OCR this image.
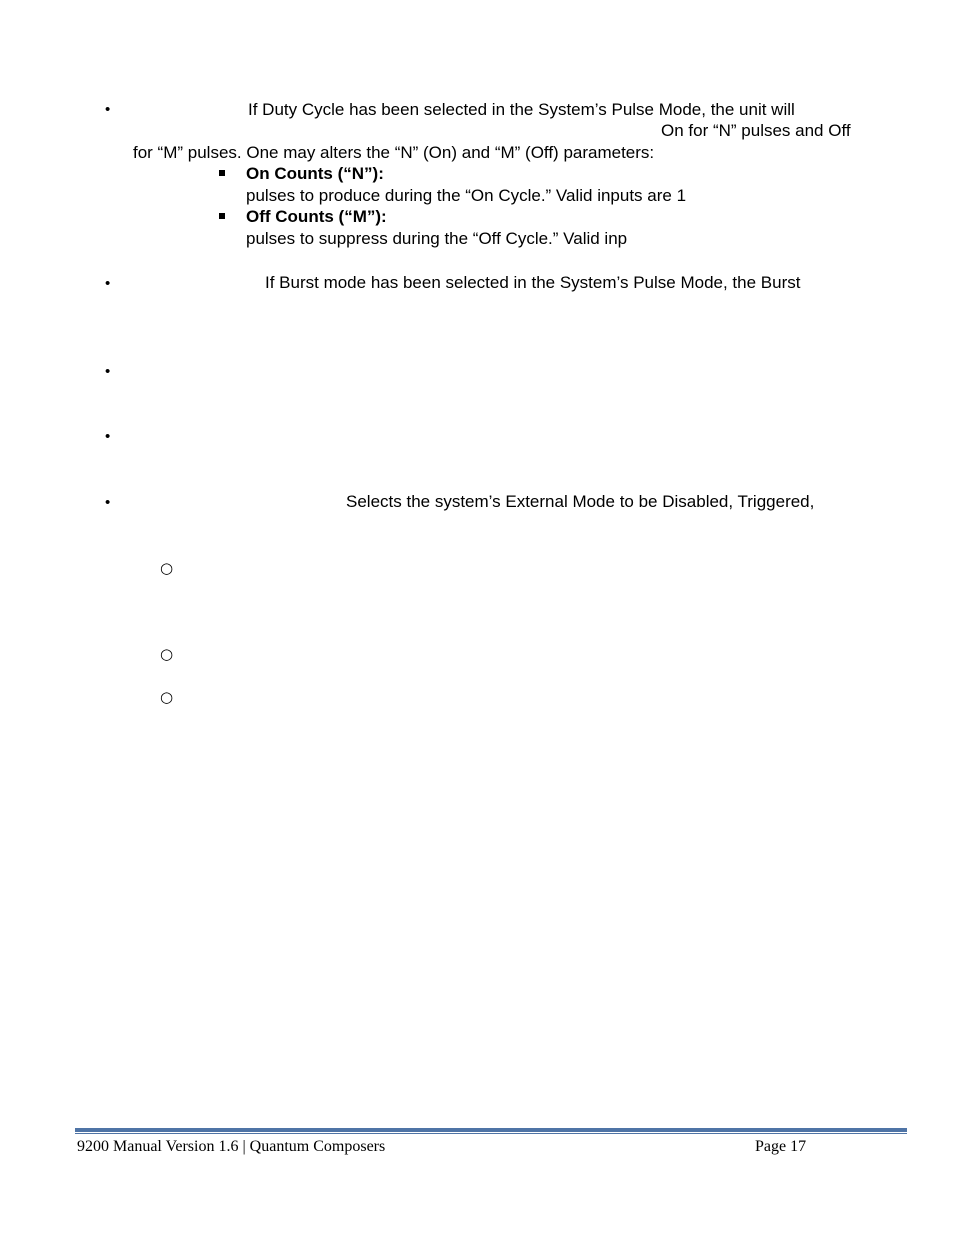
•	If Duty Cycle has been selected in the System’s Pulse Mode, the unit will
On for “N” pulses and Off
for “M” pulses. One may alters the “N” (On) and “M” (Off) parameters:
On Counts (“N”):
pulses to produce during the “On Cycle.” Valid inputs are 1
Off Counts (“M”):
pulses to suppress during the “Off Cycle.” Valid inp
•	If Burst mode has been selected in the System’s Pulse Mode, the Burst
•
•
•	Selects the system’s External Mode to be Disabled, Triggered,
○
○
○
9200 Manual Version 1.6 | Quantum Composers	Page 17
